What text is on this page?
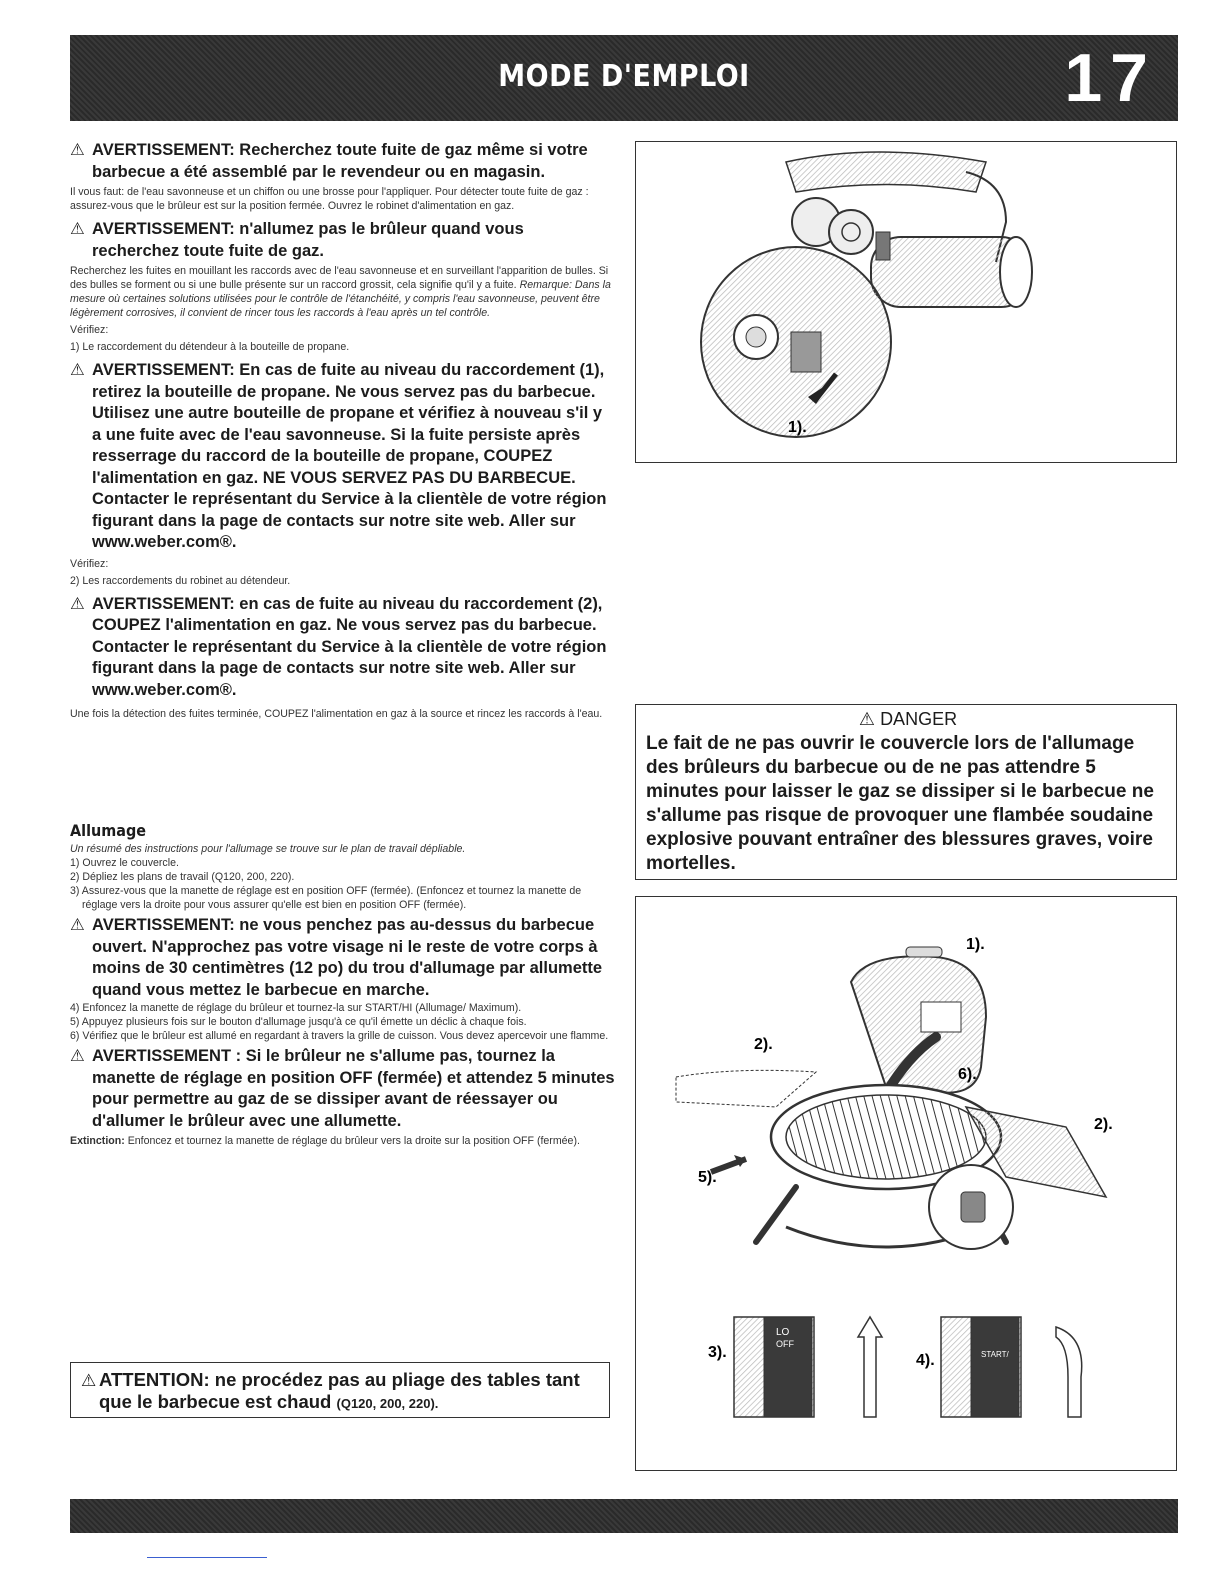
MODE D'EMPLOI	17

⚠ AVERTISSEMENT: Recherchez toute fuite de gaz même si votre barbecue a été assemblé par le revendeur ou en magasin.

Il vous faut: de l'eau savonneuse et un chiffon ou une brosse pour l'appliquer. Pour détecter toute fuite de gaz : assurez-vous que le brûleur est sur la position fermée. Ouvrez le robinet d'alimentation en gaz.

⚠ AVERTISSEMENT: n'allumez pas le brûleur quand vous recherchez toute fuite de gaz.

Recherchez les fuites en mouillant les raccords avec de l'eau savonneuse et en surveillant l'apparition de bulles. Si des bulles se forment ou si une bulle présente sur un raccord grossit, cela signifie qu'il y a fuite. Remarque: Dans la mesure où certaines solutions utilisées pour le contrôle de l'étanchéité, y compris l'eau savonneuse, peuvent être légèrement corrosives, il convient de rincer tous les raccords à l'eau après un tel contrôle.

Vérifiez:

1) Le raccordement du détendeur à la bouteille de propane.

⚠ AVERTISSEMENT: En cas de fuite au niveau du raccordement (1), retirez la bouteille de propane. Ne vous servez pas du barbecue. Utilisez une autre bouteille de propane et vérifiez à nouveau s'il y a une fuite avec de l'eau savonneuse. Si la fuite persiste après resserrage du raccord de la bouteille de propane, COUPEZ l'alimentation en gaz. NE VOUS SERVEZ PAS DU BARBECUE. Contacter le représentant du Service à la clientèle de votre région figurant dans la page de contacts sur notre site web. Aller sur www.weber.com®.

Vérifiez:

2) Les raccordements du robinet au détendeur.

⚠ AVERTISSEMENT: en cas de fuite au niveau du raccordement (2), COUPEZ l'alimentation en gaz. Ne vous servez pas du barbecue. Contacter le représentant du Service à la clientèle de votre région figurant dans la page de contacts sur notre site web. Aller sur www.weber.com®.

Une fois la détection des fuites terminée, COUPEZ l'alimentation en gaz à la source et rincez les raccords à l'eau.

Allumage

Un résumé des instructions pour l'allumage se trouve sur le plan de travail dépliable.

1) Ouvrez le couvercle.
2) Dépliez les plans de travail (Q120, 200, 220).
3) Assurez-vous que la manette de réglage est en position OFF (fermée). (Enfoncez et tournez la manette de réglage vers la droite pour vous assurer qu'elle est bien en position OFF (fermée).

⚠ AVERTISSEMENT: ne vous penchez pas au-dessus du barbecue ouvert. N'approchez pas votre visage ni le reste de votre corps à moins de 30 centimètres (12 po) du trou d'allumage par allumette quand vous mettez le barbecue en marche.

4) Enfoncez la manette de réglage du brûleur et tournez-la sur START/HI (Allumage/ Maximum).
5) Appuyez plusieurs fois sur le bouton d'allumage jusqu'à ce qu'il émette un déclic à chaque fois.
6) Vérifiez que le brûleur est allumé en regardant à travers la grille de cuisson. Vous devez apercevoir une flamme.

⚠ AVERTISSEMENT : Si le brûleur ne s'allume pas, tournez la manette de réglage en position OFF (fermée) et attendez 5 minutes pour permettre au gaz de se dissiper avant de réessayer ou d'allumer le brûleur avec une allumette.

Extinction: Enfoncez et tournez la manette de réglage du brûleur vers la droite sur la position OFF (fermée).

⚠ ATTENTION: ne procédez pas au pliage des tables tant que le barbecue est chaud (Q120, 200, 220).
1).

⚠ DANGER

Le fait de ne pas ouvrir le couvercle lors de l'allumage des brûleurs du barbecue ou de ne pas attendre 5 minutes pour laisser le gaz se dissiper si le barbecue ne s'allume pas risque de provoquer une flambée soudaine explosive pouvant entraîner des blessures graves, voire mortelles.

1).
2).
2).
5).
6).
3).	4).
OFF
LO
START/
